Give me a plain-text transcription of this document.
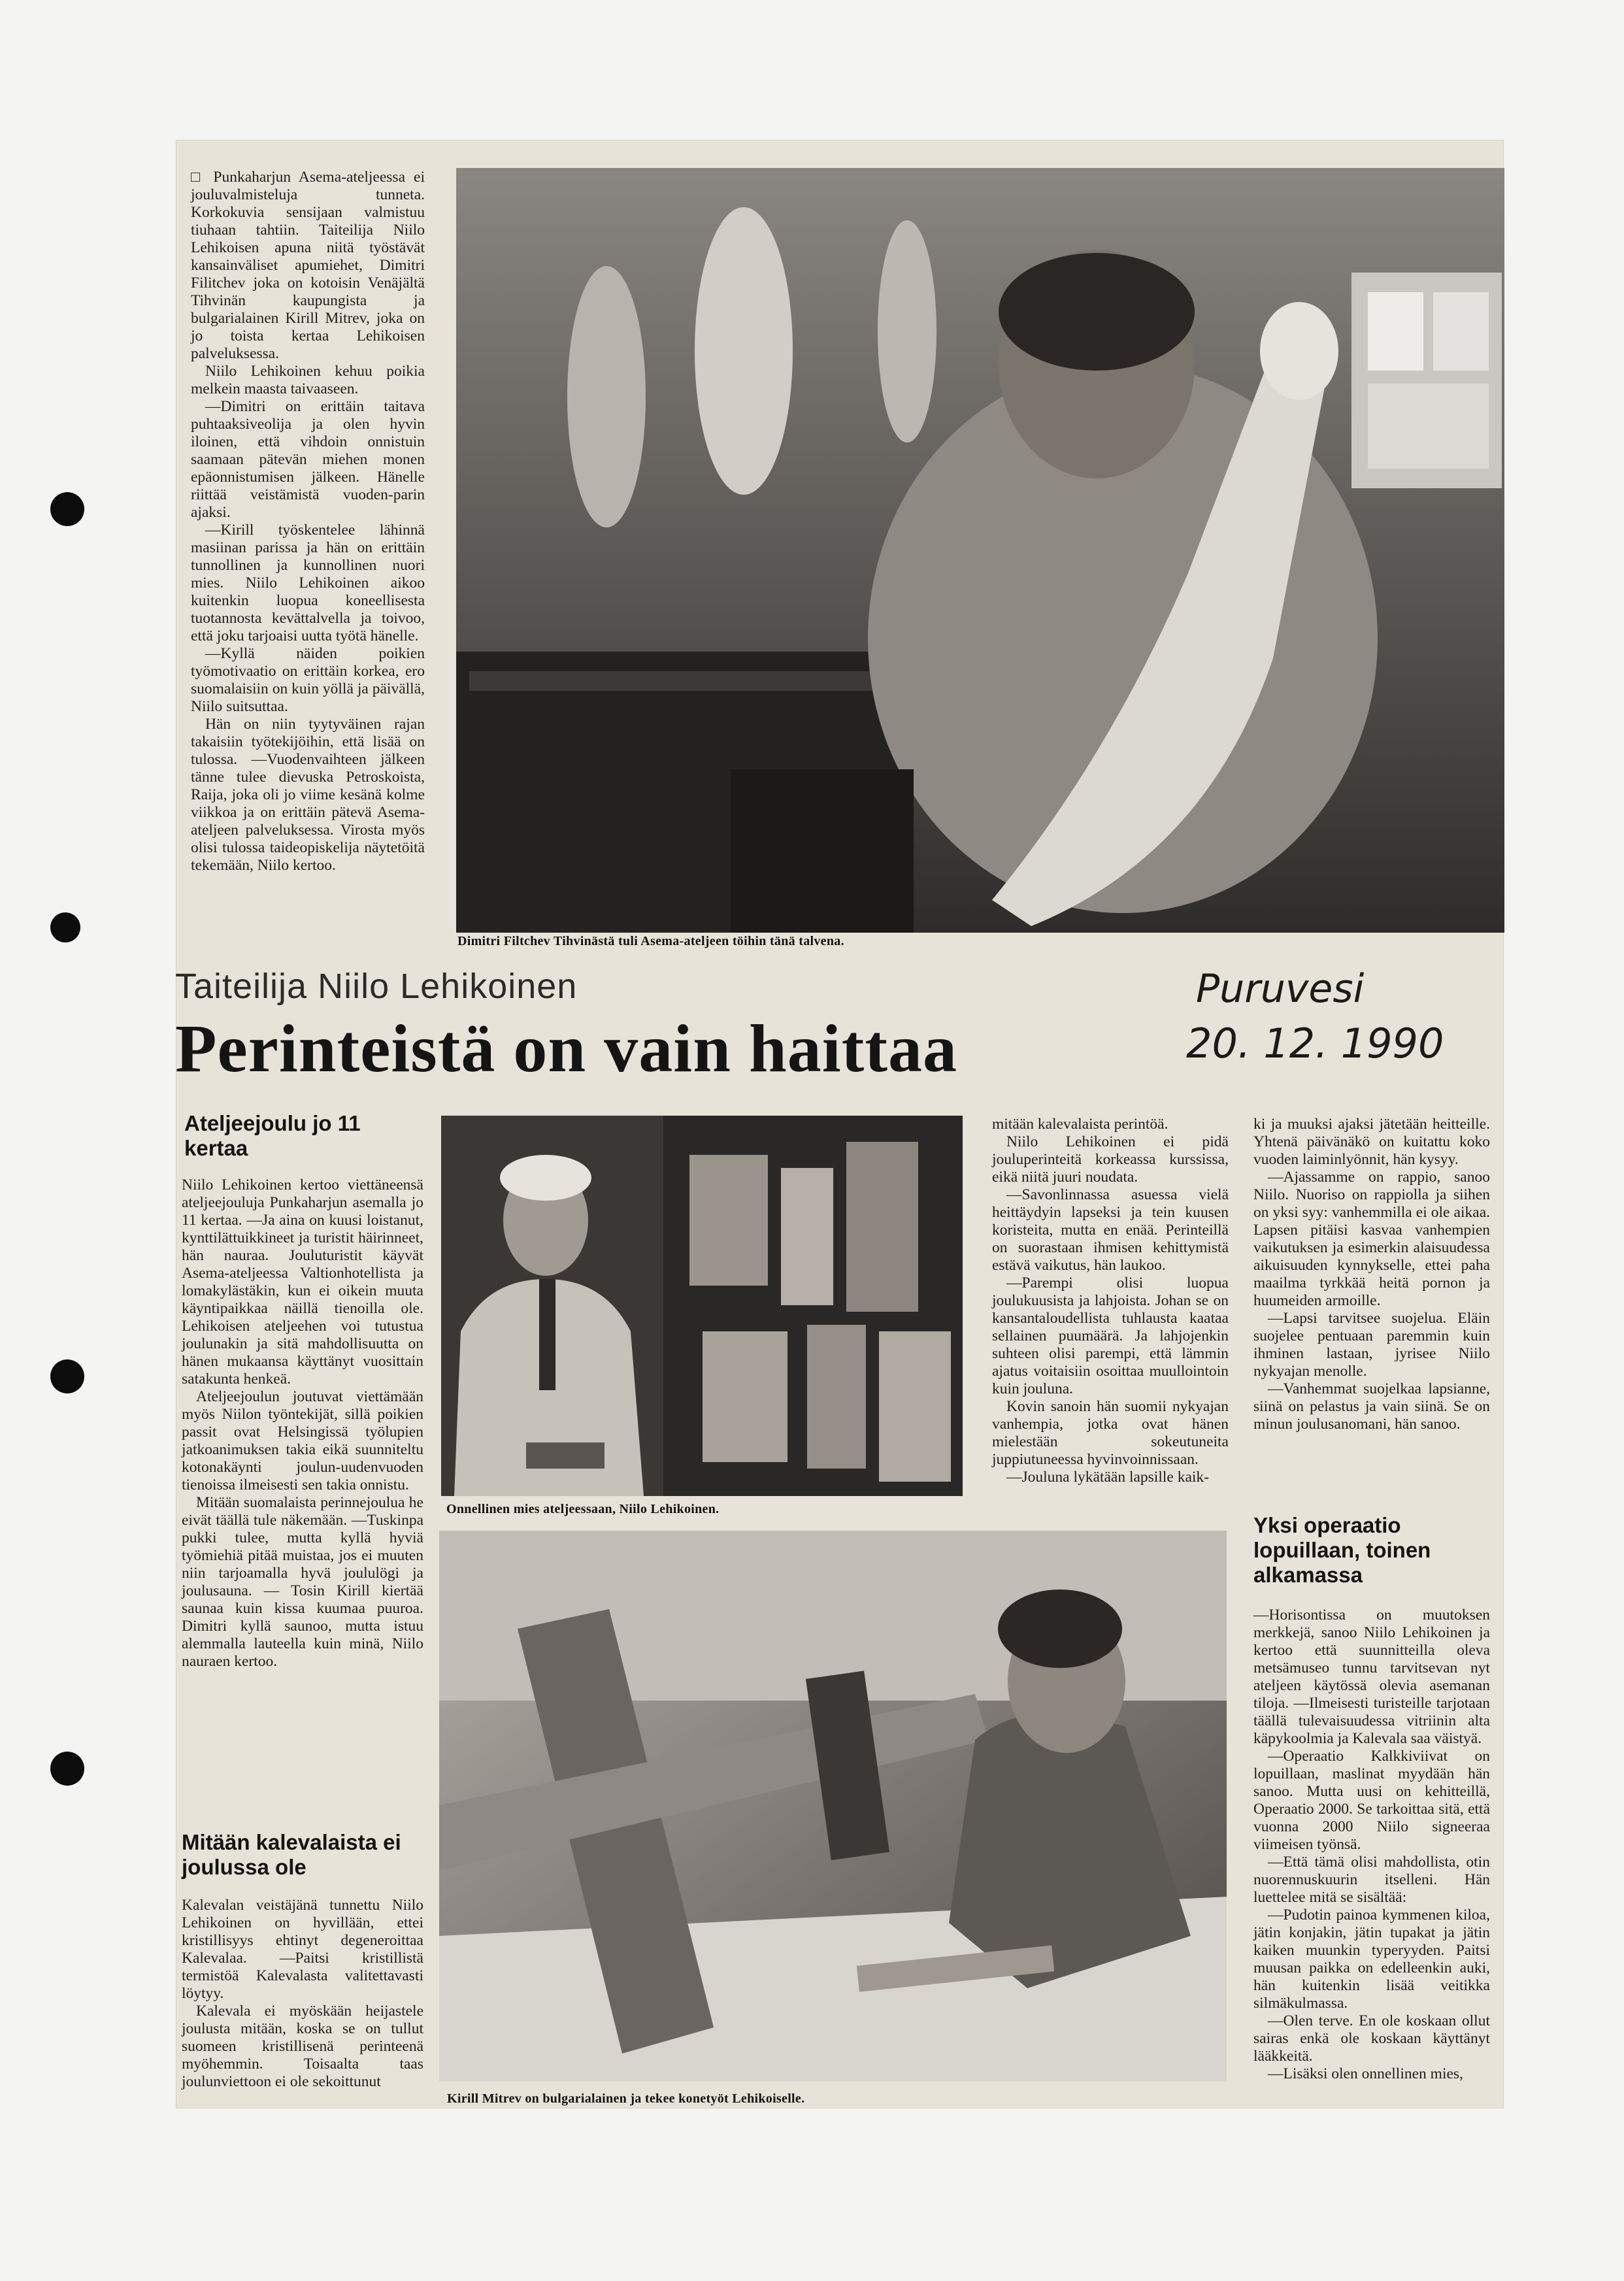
□ Punkaharjun Asema-ateljeessa ei jouluvalmisteluja tunneta. Korkokuvia sensijaan valmistuu tiuhaan tahtiin. Taiteilija Niilo Lehikoisen apuna niitä työstävät kansainväliset apumiehet, Dimitri Filitchev joka on kotoisin Venäjältä Tihvinän kaupungista ja bulgarialainen Kirill Mitrev, joka on jo toista kertaa Lehikoisen palveluksessa.

Niilo Lehikoinen kehuu poikia melkein maasta taivaaseen.

—Dimitri on erittäin taitava puhtaaksiveolija ja olen hyvin iloinen, että vihdoin onnistuin saamaan pätevän miehen monen epäonnistumisen jälkeen. Hänelle riittää veistämistä vuoden-parin ajaksi.

—Kirill työskentelee lähinnä masiinan parissa ja hän on erittäin tunnollinen ja kunnollinen nuori mies. Niilo Lehikoinen aikoo kuitenkin luopua koneellisesta tuotannosta kevättalvella ja toivoo, että joku tarjoaisi uutta työtä hänelle.

—Kyllä näiden poikien työmotivaatio on erittäin korkea, ero suomalaisiin on kuin yöllä ja päivällä, Niilo suitsuttaa.

Hän on niin tyytyväinen rajan takaisiin työtekijöihin, että lisää on tulossa. —Vuodenvaihteen jälkeen tänne tulee dievuska Petroskoista, Raija, joka oli jo viime kesänä kolme viikkoa ja on erittäin pätevä Asema-ateljeen palveluksessa. Virosta myös olisi tulossa taideopiskelija näytetöitä tekemään, Niilo kertoo.

Dimitri Filtchev Tihvinästä tuli Asema-ateljeen töihin tänä talvena.
Taiteilija Niilo Lehikoinen
Perinteistä on vain haittaa
Puruvesi
20. 12. 1990
Ateljeejoulu jo 11 kertaa

Niilo Lehikoinen kertoo viettäneensä ateljeejouluja Punkaharjun asemalla jo 11 kertaa. —Ja aina on kuusi loistanut, kynttilättuikkineet ja turistit häirinneet, hän nauraa. Jouluturistit käyvät Asema-ateljeessa Valtionhotellista ja lomakylästäkin, kun ei oikein muuta käyntipaikkaa näillä tienoilla ole. Lehikoisen ateljeehen voi tutustua joulunakin ja sitä mahdollisuutta on hänen mukaansa käyttänyt vuosittain satakunta henkeä.

Ateljeejoulun joutuvat viettämään myös Niilon työntekijät, sillä poikien passit ovat Helsingissä työlupien jatkoanimuksen takia eikä suunniteltu kotonakäynti joulun-uudenvuoden tienoissa ilmeisesti sen takia onnistu.

Mitään suomalaista perinnejoulua he eivät täällä tule näkemään. —Tuskinpa pukki tulee, mutta kyllä hyviä työmiehiä pitää muistaa, jos ei muuten niin tarjoamalla hyvä joululögi ja joulusauna. — Tosin Kirill kiertää saunaa kuin kissa kuumaa puuroa. Dimitri kyllä saunoo, mutta istuu alemmalla lauteella kuin minä, Niilo nauraen kertoo.

Mitään kalevalaista ei joulussa ole

Kalevalan veistäjänä tunnettu Niilo Lehikoinen on hyvillään, ettei kristillisyys ehtinyt degeneroittaa Kalevalaa. —Paitsi kristillistä termistöä Kalevalasta valitettavasti löytyy.

Kalevala ei myöskään heijastele joulusta mitään, koska se on tullut suomeen kristillisenä perinteenä myöhemmin. Toisaalta taas joulunviettoon ei ole sekoittunut

Onnellinen mies ateljeessaan, Niilo Lehikoinen.

mitään kalevalaista perintöä.

Niilo Lehikoinen ei pidä jouluperinteitä korkeassa kurssissa, eikä niitä juuri noudata.

—Savonlinnassa asuessa vielä heittäydyin lapseksi ja tein kuusen koristeita, mutta en enää. Perinteillä on suorastaan ihmisen kehittymistä estävä vaikutus, hän laukoo.

—Parempi olisi luopua joulukuusista ja lahjoista. Johan se on kansantaloudellista tuhlausta kaataa sellainen puumäärä. Ja lahjojenkin suhteen olisi parempi, että lämmin ajatus voitaisiin osoittaa muullointoin kuin jouluna.

Kovin sanoin hän suomii nykyajan vanhempia, jotka ovat hänen mielestään sokeutuneita juppiutuneessa hyvinvoinnissaan.

—Jouluna lykätään lapsille kaik-

ki ja muuksi ajaksi jätetään heitteille. Yhtenä päivänäkö on kuitattu koko vuoden laiminlyönnit, hän kysyy.

—Ajassamme on rappio, sanoo Niilo. Nuoriso on rappiolla ja siihen on yksi syy: vanhemmilla ei ole aikaa. Lapsen pitäisi kasvaa vanhempien vaikutuksen ja esimerkin alaisuudessa aikuisuuden kynnykselle, ettei paha maailma tyrkkää heitä pornon ja huumeiden armoille.

—Lapsi tarvitsee suojelua. Eläin suojelee pentuaan paremmin kuin ihminen lastaan, jyrisee Niilo nykyajan menolle.

—Vanhemmat suojelkaa lapsianne, siinä on pelastus ja vain siinä. Se on minun joulusanomani, hän sanoo.

Yksi operaatio lopuillaan, toinen alkamassa

—Horisontissa on muutoksen merkkejä, sanoo Niilo Lehikoinen ja kertoo että suunnitteilla oleva metsämuseo tunnu tarvitsevan nyt ateljeen käytössä olevia asemanan tiloja. —Ilmeisesti turisteille tarjotaan täällä tulevaisuudessa vitriinin alta käpykoolmia ja Kalevala saa väistyä.

—Operaatio Kalkkiviivat on lopuillaan, maslinat myydään hän sanoo. Mutta uusi on kehitteillä, Operaatio 2000. Se tarkoittaa sitä, että vuonna 2000 Niilo signeeraa viimeisen työnsä.

—Että tämä olisi mahdollista, otin nuorennuskuurin itselleni. Hän luettelee mitä se sisältää:

—Pudotin painoa kymmenen kiloa, jätin konjakin, jätin tupakat ja jätin kaiken muunkin typeryyden. Paitsi muusan paikka on edelleenkin auki, hän kuitenkin lisää veitikka silmäkulmassa.

—Olen terve. En ole koskaan ollut sairas enkä ole koskaan käyttänyt lääkkeitä.

—Lisäksi olen onnellinen mies,

Kirill Mitrev on bulgarialainen ja tekee konetyöt Lehikoiselle.
